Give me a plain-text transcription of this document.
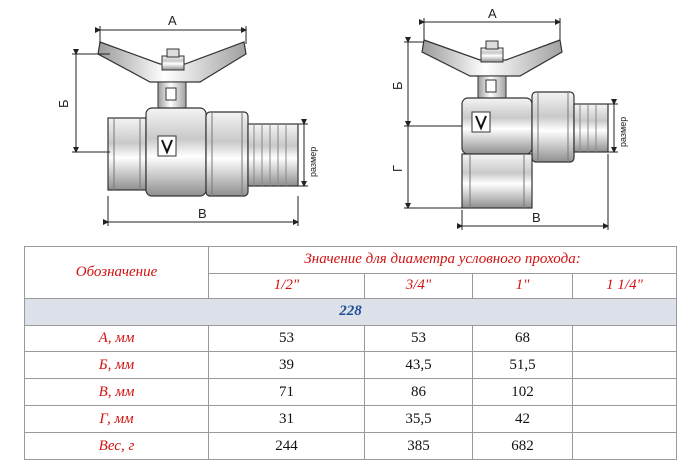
А
Б
В
размер
А
Б
Г
В
размер
Обозначение	Значение для диаметра условного прохода:			
	1/2"	3/4"	1"	1 1/4"
228				
А, мм	53	53	68	
Б, мм	39	43,5	51,5	
В, мм	71	86	102	
Г, мм	31	35,5	42	
Вес, г	244	385	682	
